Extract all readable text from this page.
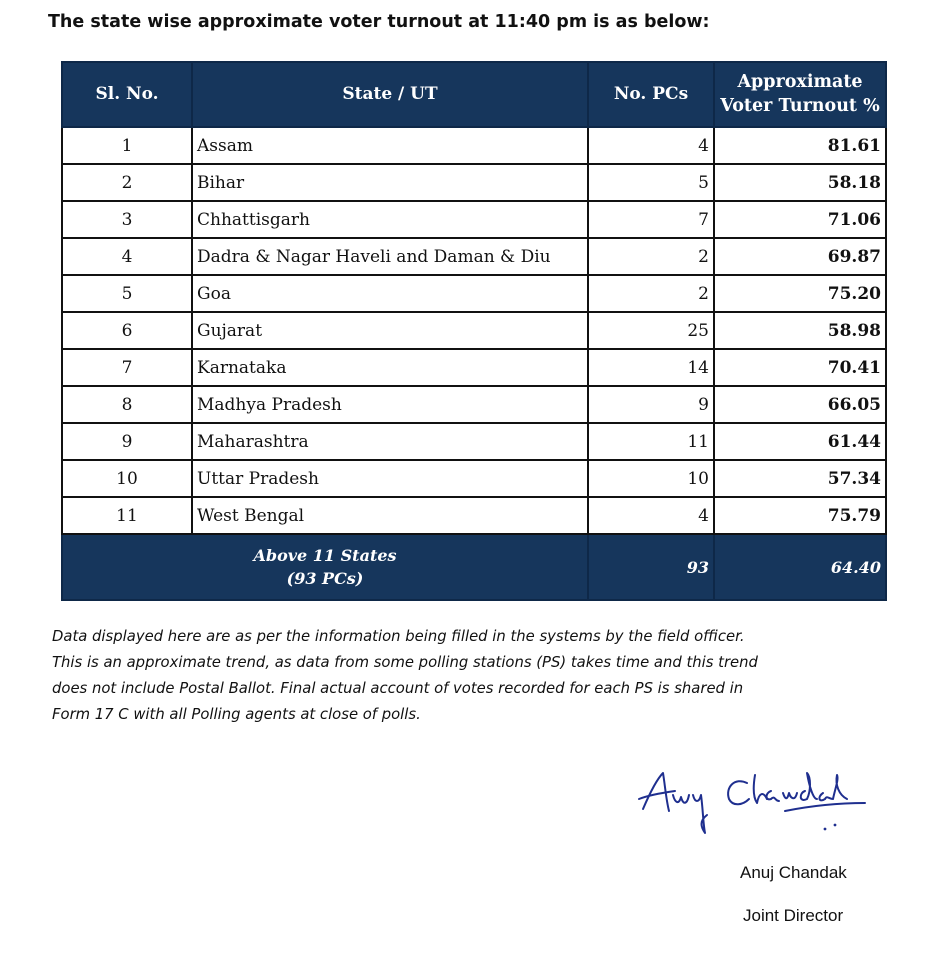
The state wise approximate voter turnout at 11:40 pm is as below:
Sl. No.	State / UT	No. PCs	Approximate
Voter Turnout %
1	Assam	4	81.61
2	Bihar	5	58.18
3	Chhattisgarh	7	71.06
4	Dadra & Nagar Haveli and Daman & Diu	2	69.87
5	Goa	2	75.20
6	Gujarat	25	58.98
7	Karnataka	14	70.41
8	Madhya Pradesh	9	66.05
9	Maharashtra	11	61.44
10	Uttar Pradesh	10	57.34
11	West Bengal	4	75.79

Above 11 States
(93 PCs)		93	64.40

Data displayed here are as per the information being filled in the systems by the field officer.

This is an approximate trend, as data from some polling stations (PS) takes time and this trend

does not include Postal Ballot. Final actual account of votes recorded for each PS is shared in

Form 17 C with all Polling agents at close of polls.

Anuj Chandak
Joint Director
